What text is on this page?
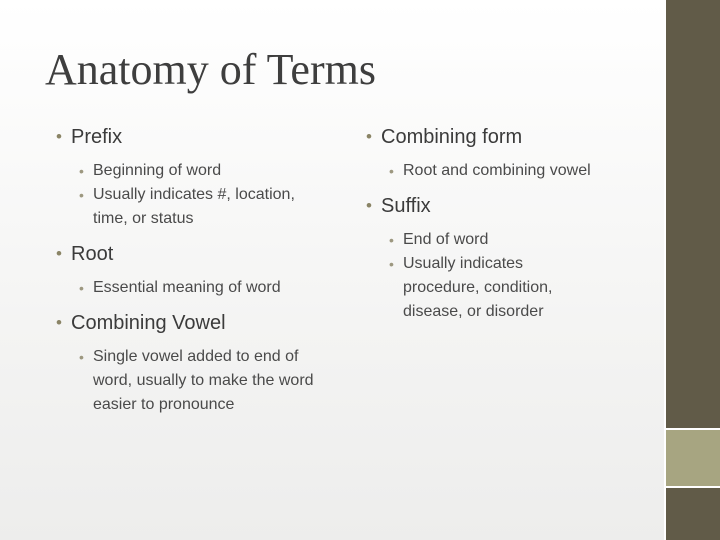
Anatomy of Terms
• Prefix
• Beginning of word
• Usually indicates #, location, time, or status
• Root
• Essential meaning of word
• Combining Vowel
• Single vowel added to end of word, usually to make the word easier to pronounce
• Combining form
• Root and combining vowel
• Suffix
• End of word
• Usually indicates procedure, condition, disease, or disorder
